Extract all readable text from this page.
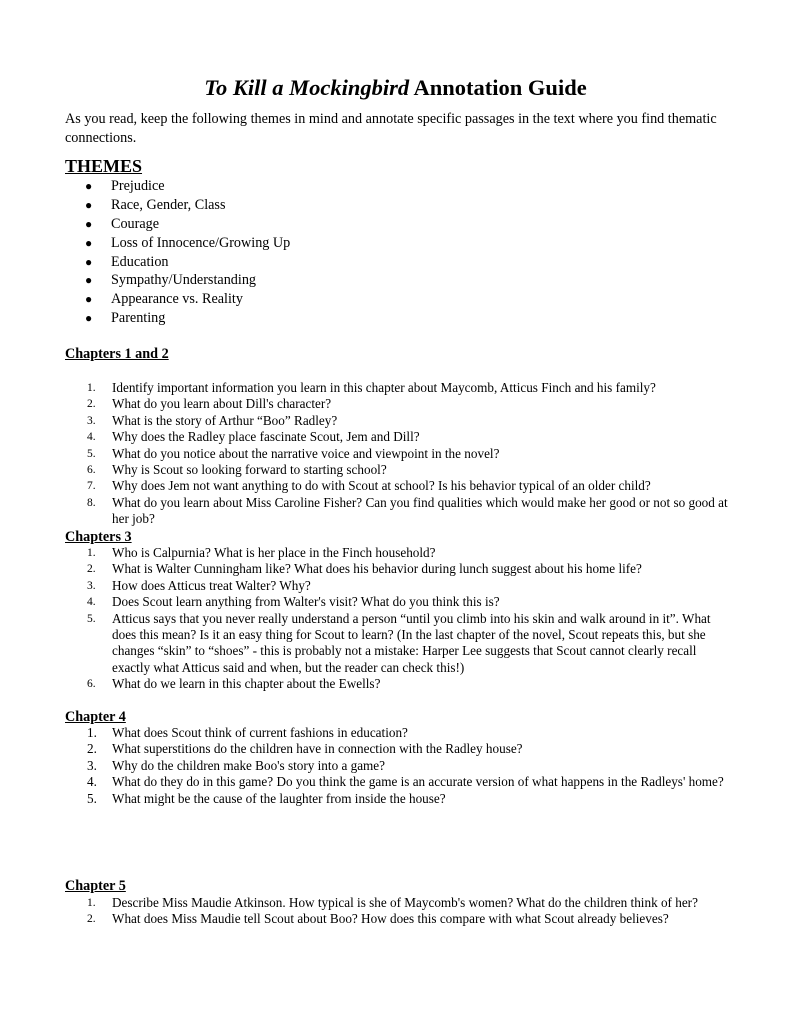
To Kill a Mockingbird Annotation Guide
As you read, keep the following themes in mind and annotate specific passages in the text where you find thematic connections.
THEMES
● Prejudice
● Race, Gender, Class
● Courage
● Loss of Innocence/Growing Up
● Education
● Sympathy/Understanding
● Appearance vs. Reality
● Parenting
Chapters 1 and 2
1.	Identify important information you learn in this chapter about Maycomb, Atticus Finch and his family?
2.	What do you learn about Dill's character?
3.	What is the story of Arthur “Boo” Radley?
4.	Why does the Radley place fascinate Scout, Jem and Dill?
5.	What do you notice about the narrative voice and viewpoint in the novel?
6.	Why is Scout so looking forward to starting school?
7.	Why does Jem not want anything to do with Scout at school? Is his behavior typical of an older child?
8.	What do you learn about Miss Caroline Fisher? Can you find qualities which would make her good or not so good at her job?
Chapters 3
1.	Who is Calpurnia? What is her place in the Finch household?
2.	What is Walter Cunningham like? What does his behavior during lunch suggest about his home life?
3.	How does Atticus treat Walter? Why?
4.	Does Scout learn anything from Walter's visit? What do you think this is?
5.	Atticus says that you never really understand a person “until you climb into his skin and walk around in it”. What does this mean? Is it an easy thing for Scout to learn? (In the last chapter of the novel, Scout repeats this, but she changes “skin” to “shoes” - this is probably not a mistake: Harper Lee suggests that Scout cannot clearly recall exactly what Atticus said and when, but the reader can check this!)
6.	What do we learn in this chapter about the Ewells?
Chapter 4
1.	What does Scout think of current fashions in education?
2.	What superstitions do the children have in connection with the Radley house?
3.	Why do the children make Boo's story into a game?
4.	What do they do in this game? Do you think the game is an accurate version of what happens in the Radleys' home?
5.	What might be the cause of the laughter from inside the house?
Chapter 5
1.	Describe Miss Maudie Atkinson. How typical is she of Maycomb's women? What do the children think of her?
2.	What does Miss Maudie tell Scout about Boo? How does this compare with what Scout already believes?
